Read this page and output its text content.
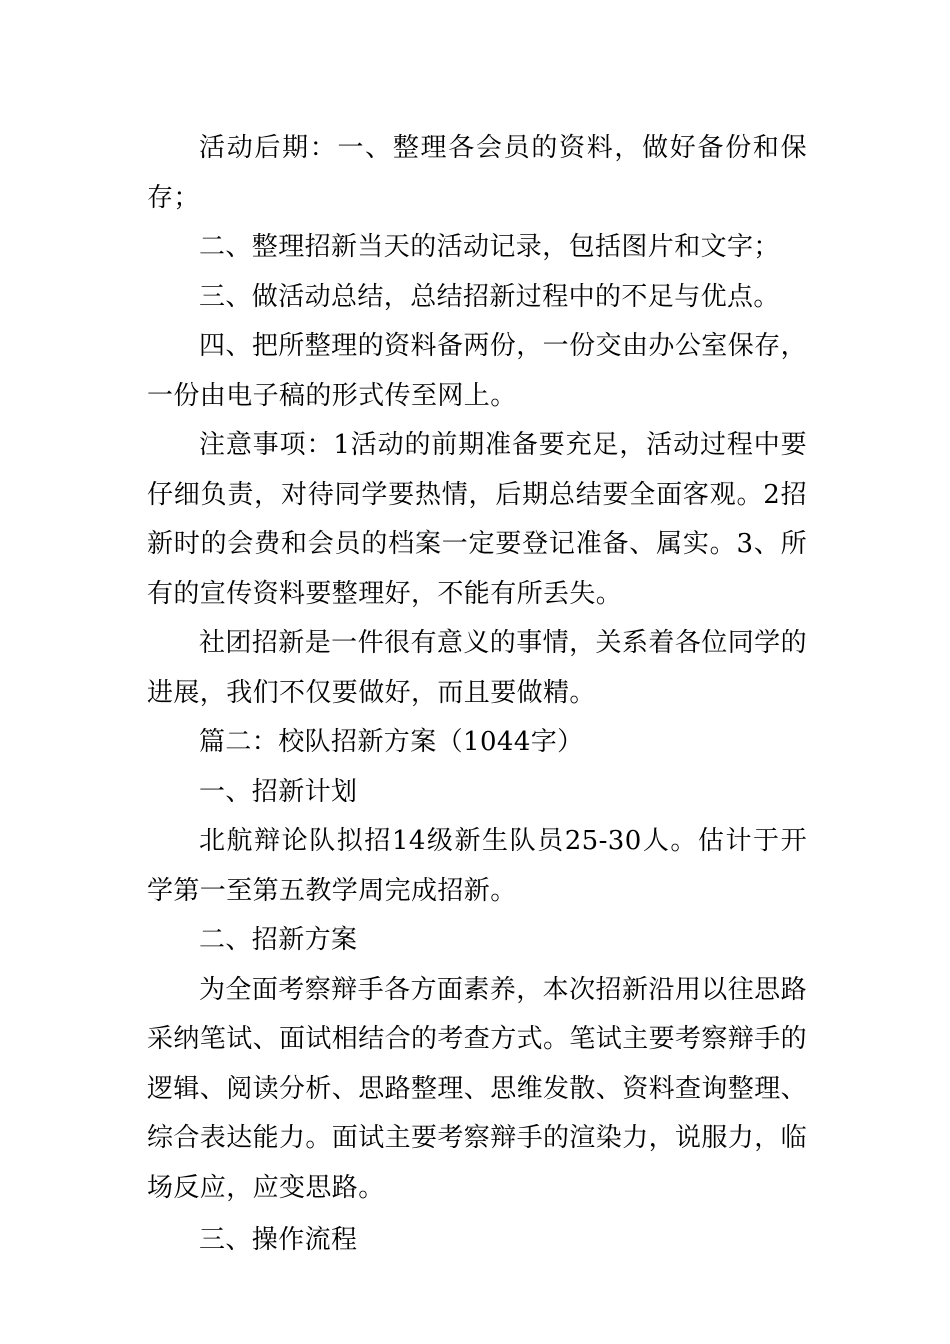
活动后期：一、整理各会员的资料，做好备份和保存；

二、整理招新当天的活动记录，包括图片和文字；

三、做活动总结，总结招新过程中的不足与优点。

四、把所整理的资料备两份，一份交由办公室保存，一份由电子稿的形式传至网上。

注意事项：1活动的前期准备要充足，活动过程中要仔细负责，对待同学要热情，后期总结要全面客观。2招新时的会费和会员的档案一定要登记准备、属实。3、所有的宣传资料要整理好，不能有所丢失。

社团招新是一件很有意义的事情，关系着各位同学的进展，我们不仅要做好，而且要做精。

篇二：校队招新方案（1044字）

一、招新计划

北航辩论队拟招14级新生队员25-30人。估计于开学第一至第五教学周完成招新。

二、招新方案

为全面考察辩手各方面素养，本次招新沿用以往思路采纳笔试、面试相结合的考查方式。笔试主要考察辩手的逻辑、阅读分析、思路整理、思维发散、资料查询整理、综合表达能力。面试主要考察辩手的渲染力，说服力，临场反应，应变思路。

三、操作流程
